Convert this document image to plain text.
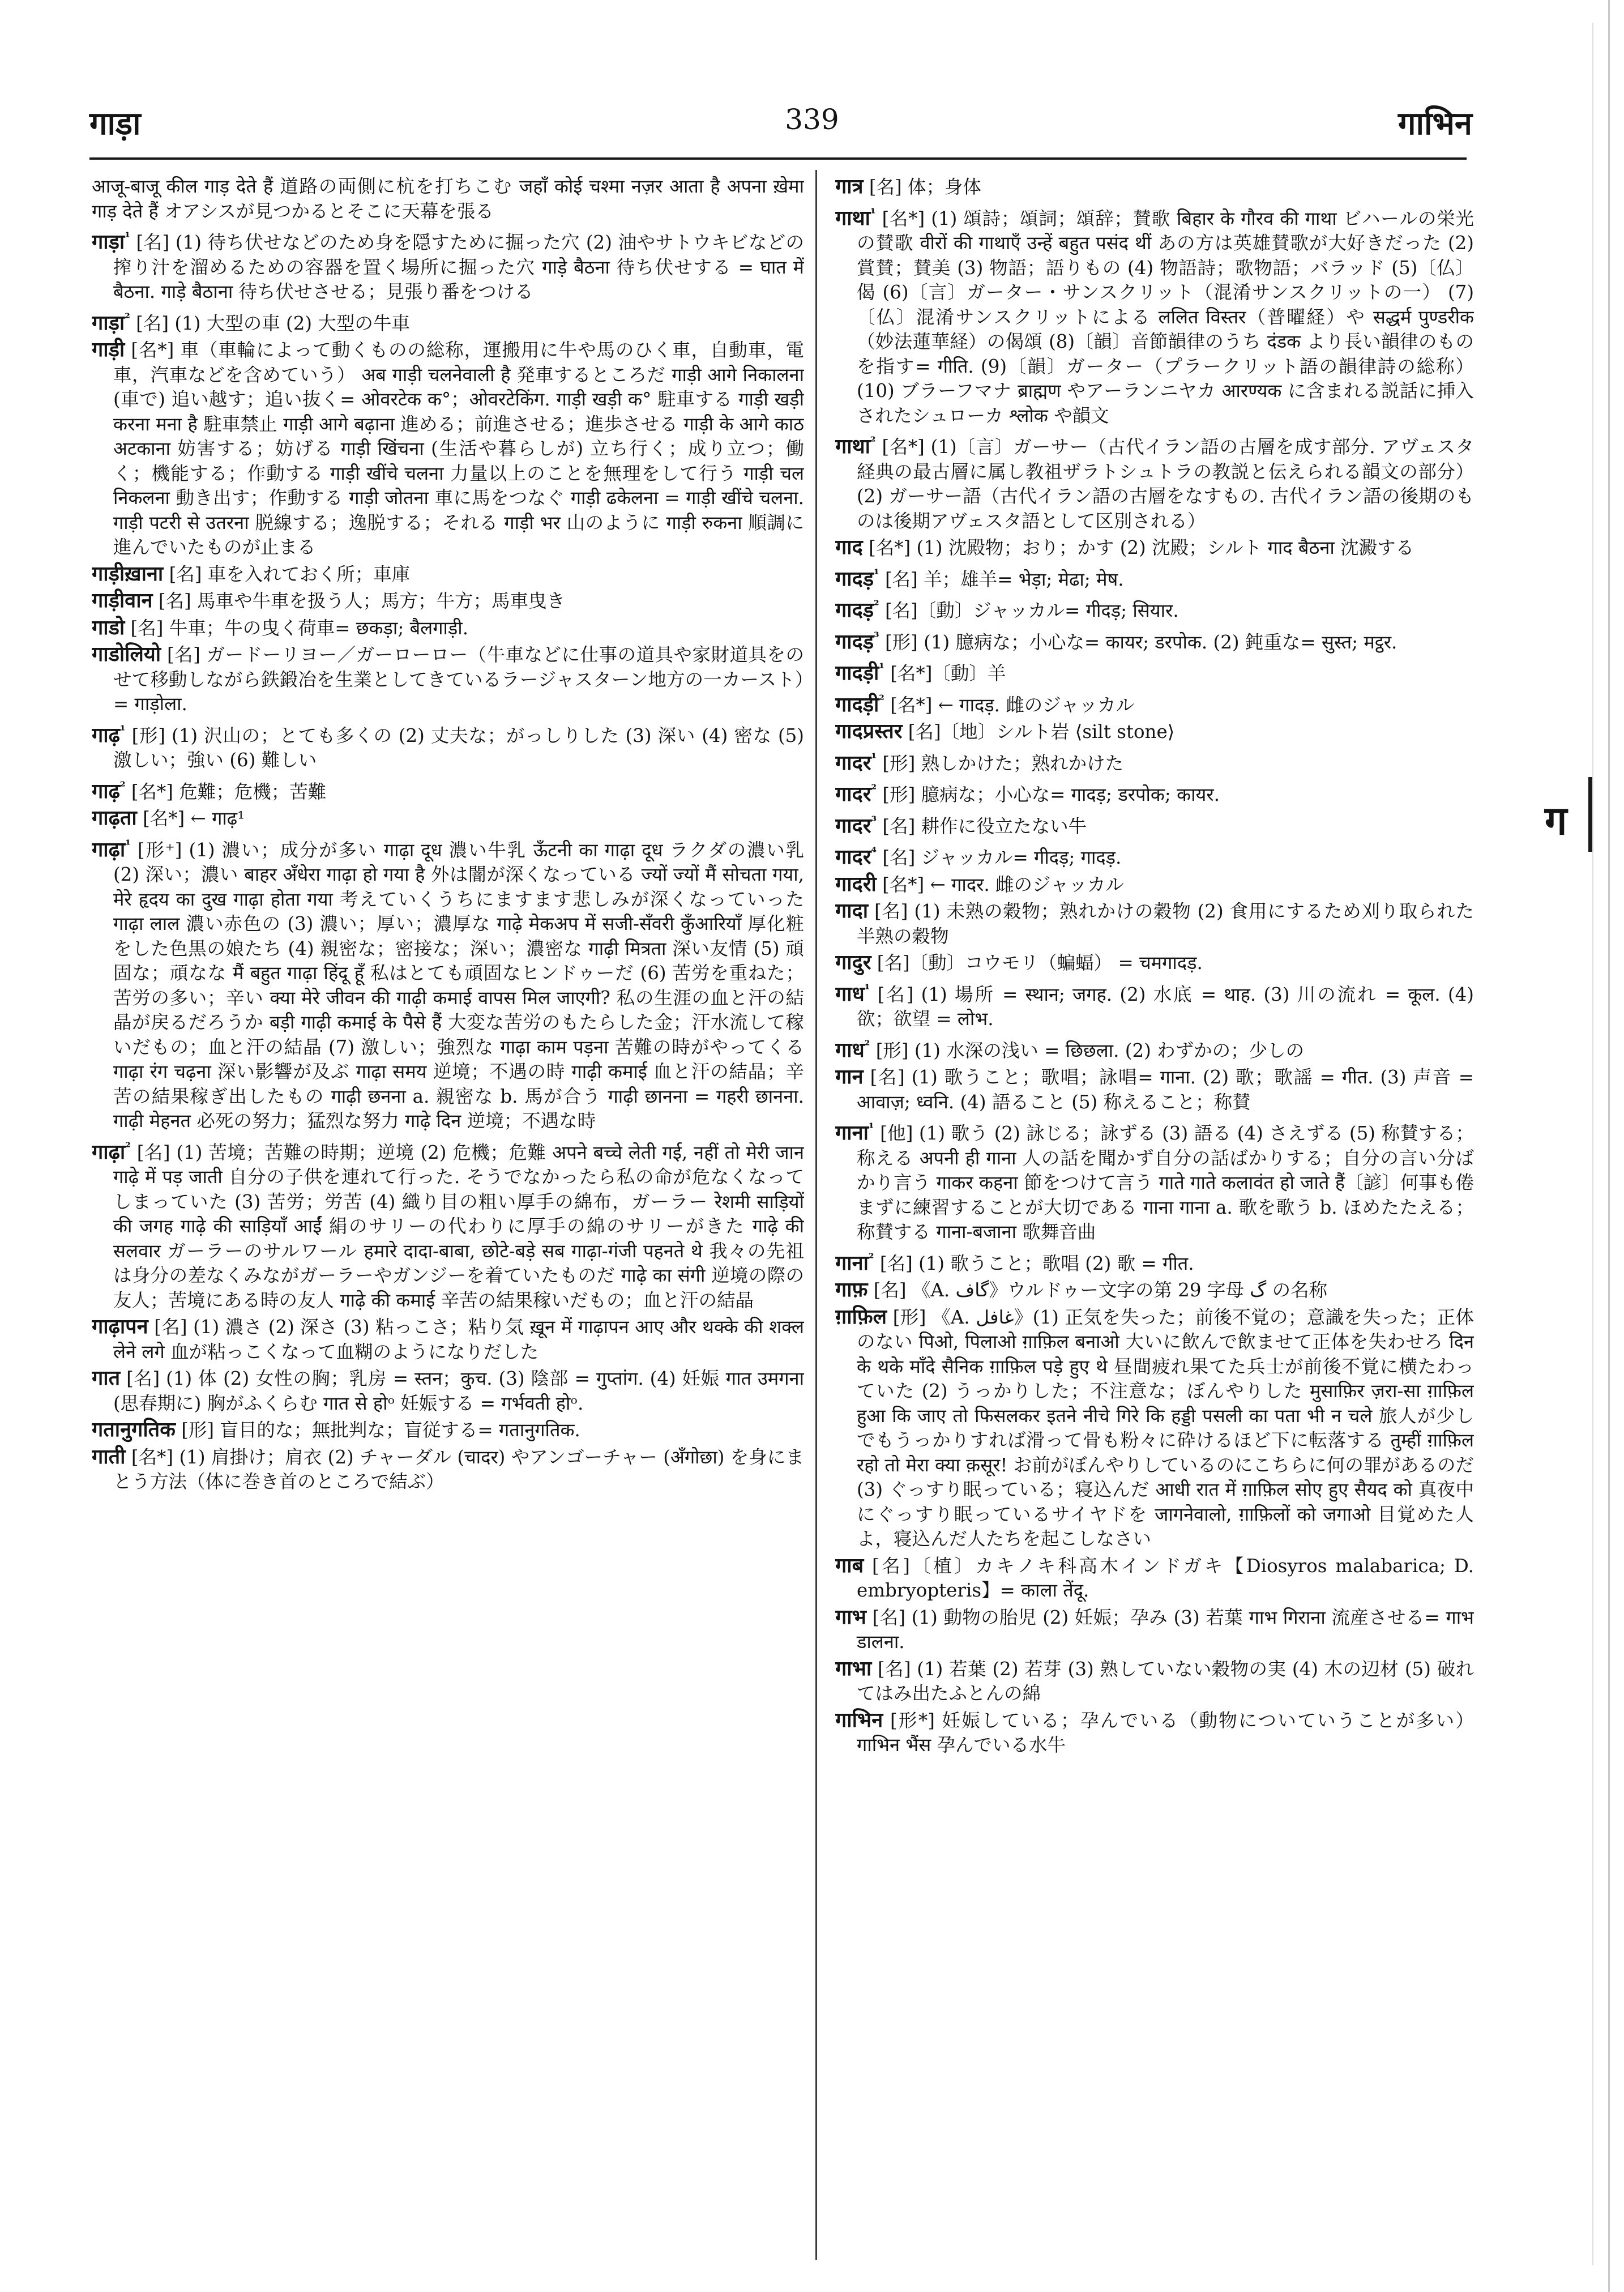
गाड़ा	339	गाभिन

आजू-बाजू कील गाड़ देते हैं 道路の両側に杭を打ちこむ जहाँ कोई चश्मा नज़र आता है अपना ख़ेमा गाड़ देते हैं オアシスが見つかるとそこに天幕を張る

गाड़ा$^{^1}$ [名] (1) 待ち伏せなどのため身を隠すために掘った穴 (2) 油やサトウキビなどの搾り汁を溜めるための容器を置く場所に掘った穴 गाड़े बैठना 待ち伏せする = घात में बैठना. गाड़े बैठाना 待ち伏せさせる；見張り番をつける

गाड़ा$^{^2}$ [名] (1) 大型の車 (2) 大型の牛車

गाड़ी [名*] 車（車輪によって動くものの総称，運搬用に牛や馬のひく車，自動車，電車，汽車などを含めていう） अब गाड़ी चलनेवाली है 発車するところだ गाड़ी आगे निकालना (車で) 追い越す；追い抜く= ओवरटेक क°；ओवरटेकिंग. गाड़ी खड़ी क° 駐車する गाड़ी खड़ी करना मना है 駐車禁止 गाड़ी आगे बढ़ाना 進める；前進させる；進歩させる गाड़ी के आगे काठ अटकाना 妨害する；妨げる गाड़ी खिंचना (生活や暮らしが) 立ち行く；成り立つ；働く；機能する；作動する गाड़ी खींचे चलना 力量以上のことを無理をして行う गाड़ी चल निकलना 動き出す；作動する गाड़ी जोतना 車に馬をつなぐ गाड़ी ढकेलना = गाड़ी खींचे चलना. गाड़ी पटरी से उतरना 脱線する；逸脱する；それる गाड़ी भर 山のように गाड़ी रुकना 順調に進んでいたものが止まる

गाड़ीख़ाना [名] 車を入れておく所；車庫

गाड़ीवान [名] 馬車や牛車を扱う人；馬方；牛方；馬車曳き

गाडो [名] 牛車；牛の曳く荷車= छकड़ा; बैलगाड़ी.

गाडोलियो [名] ガードーリヨー／ガーローロー（牛車などに仕事の道具や家財道具をのせて移動しながら鉄鍛冶を生業としてきているラージャスターン地方の一カースト）= गाड़ोला.

गाढ़$^{^1}$ [形] (1) 沢山の；とても多くの (2) 丈夫な；がっしりした (3) 深い (4) 密な (5) 激しい；強い (6) 難しい

गाढ़$^{^2}$ [名*] 危難；危機；苦難

गाढ़ता [名*] ← गाढ़¹

गाढ़ा$^{^1}$ [形⁺] (1) 濃い；成分が多い गाढ़ा दूध 濃い牛乳 ऊँटनी का गाढ़ा दूध ラクダの濃い乳 (2) 深い；濃い बाहर अँधेरा गाढ़ा हो गया है 外は闇が深くなっている ज्यों ज्यों मैं सोचता गया, मेरे हृदय का दुख गाढ़ा होता गया 考えていくうちにますます悲しみが深くなっていった गाढ़ा लाल 濃い赤色の (3) 濃い；厚い；濃厚な गाढ़े मेकअप में सजी-सँवरी कुँआरियाँ 厚化粧をした色黒の娘たち (4) 親密な；密接な；深い；濃密な गाढ़ी मित्रता 深い友情 (5) 頑固な；頑なな मैं बहुत गाढ़ा हिंदू हूँ 私はとても頑固なヒンドゥーだ (6) 苦労を重ねた；苦労の多い；辛い क्या मेरे जीवन की गाढ़ी कमाई वापस मिल जाएगी? 私の生涯の血と汗の結晶が戻るだろうか बड़ी गाढ़ी कमाई के पैसे हैं 大変な苦労のもたらした金；汗水流して稼いだもの；血と汗の結晶 (7) 激しい；強烈な गाढ़ा काम पड़ना 苦難の時がやってくる गाढ़ा रंग चढ़ना 深い影響が及ぶ गाढ़ा समय 逆境；不遇の時 गाढ़ी कमाई 血と汗の結晶；辛苦の結果稼ぎ出したもの गाढ़ी छनना a. 親密な b. 馬が合う गाढ़ी छानना = गहरी छानना. गाढ़ी मेहनत 必死の努力；猛烈な努力 गाढ़े दिन 逆境；不遇な時

गाढ़ा$^{^2}$ [名] (1) 苦境；苦難の時期；逆境 (2) 危機；危難 अपने बच्चे लेती गई, नहीं तो मेरी जान गाढ़े में पड़ जाती 自分の子供を連れて行った. そうでなかったら私の命が危なくなってしまっていた (3) 苦労；労苦 (4) 織り目の粗い厚手の綿布，ガーラー रेशमी साड़ियों की जगह गाढ़े की साड़ियाँ आईं 絹のサリーの代わりに厚手の綿のサリーがきた गाढ़े की सलवार ガーラーのサルワール हमारे दादा-बाबा, छोटे-बड़े सब गाढ़ा-गंजी पहनते थे 我々の先祖は身分の差なくみながガーラーやガンジーを着ていたものだ गाढ़े का संगी 逆境の際の友人；苦境にある時の友人 गाढ़े की कमाई 辛苦の結果稼いだもの；血と汗の結晶

गाढ़ापन [名] (1) 濃さ (2) 深さ (3) 粘っこさ；粘り気 ख़ून में गाढ़ापन आए और थक्के की शक्ल लेने लगे 血が粘っこくなって血糊のようになりだした

गात [名] (1) 体 (2) 女性の胸；乳房 = स्तन；कुच. (3) 陰部 = गुप्तांग. (4) 妊娠 गात उमगना (思春期に) 胸がふくらむ गात से होᵒ 妊娠する = गर्भवती होᵒ.

गतानुगतिक [形] 盲目的な；無批判な；盲従する= गतानुगतिक.

गाती [名*] (1) 肩掛け；肩衣 (2) チャーダル (चादर) やアンゴーチャー (अँगोछा) を身にまとう方法（体に巻き首のところで結ぶ）

गात्र [名] 体；身体

गाथा$^{^1}$ [名*] (1) 頌詩；頌詞；頌辞；賛歌 बिहार के गौरव की गाथा ビハールの栄光の賛歌 वीरों की गाथाएँ उन्हें बहुत पसंद थीं あの方は英雄賛歌が大好きだった (2) 賞賛；賛美 (3) 物語；語りもの (4) 物語詩；歌物語；バラッド (5)〔仏〕偈 (6)〔言〕ガーター・サンスクリット（混淆サンスクリットの一） (7)〔仏〕混淆サンスクリットによる ललित विस्तर（普曜経）や सद्धर्म पुण्डरीक（妙法蓮華経）の偈頌 (8)〔韻〕音節韻律のうち दंडक より長い韻律のものを指す= गीति. (9)〔韻〕ガーター（プラークリット語の韻律詩の総称） (10) ブラーフマナ ब्राह्मण やアーランニヤカ आरण्यक に含まれる説話に挿入されたシュローカ श्लोक や韻文

गाथा$^{^2}$ [名*] (1)〔言〕ガーサー（古代イラン語の古層を成す部分. アヴェスタ経典の最古層に属し教祖ザラトシュトラの教説と伝えられる韻文の部分） (2) ガーサー語（古代イラン語の古層をなすもの. 古代イラン語の後期のものは後期アヴェスタ語として区別される）

गाद [名*] (1) 沈殿物；おり；かす (2) 沈殿；シルト गाद बैठना 沈澱する

गादड़$^{^1}$ [名] 羊；雄羊= भेड़ा; मेढा; मेष.

गादड़$^{^2}$ [名]〔動〕ジャッカル= गीदड़; सियार.

गादड़$^{^3}$ [形] (1) 臆病な；小心な= कायर; डरपोक. (2) 鈍重な= सुस्त; मट्ठर.

गादड़ी$^{^1}$ [名*]〔動〕羊

गादड़ी$^{^2}$ [名*] ← गादड़. 雌のジャッカル

गादप्रस्तर [名]〔地〕シルト岩 ⟨silt stone⟩

गादर$^{^1}$ [形] 熟しかけた；熟れかけた

गादर$^{^2}$ [形] 臆病な；小心な= गादड़; डरपोक; कायर.

गादर$^{^3}$ [名] 耕作に役立たない牛

गादर$^{^4}$ [名] ジャッカル= गीदड़; गादड़.

गादरी [名*] ← गादर. 雌のジャッカル

गादा [名] (1) 未熟の穀物；熟れかけの穀物 (2) 食用にするため刈り取られた半熟の穀物

गादुर [名]〔動〕コウモリ（蝙蝠） = चमगादड़.

गाध$^{^1}$ [名] (1) 場所 = स्थान; जगह. (2) 水底 = थाह. (3) 川の流れ = कूल. (4) 欲；欲望 = लोभ.

गाध$^{^2}$ [形] (1) 水深の浅い = छिछला. (2) わずかの；少しの

गान [名] (1) 歌うこと；歌唱；詠唱= गाना. (2) 歌；歌謡 = गीत. (3) 声音 = आवाज़; ध्वनि. (4) 語ること (5) 称えること；称賛

गाना$^{^1}$ [他] (1) 歌う (2) 詠じる；詠ずる (3) 語る (4) さえずる (5) 称賛する；称える अपनी ही गाना 人の話を聞かず自分の話ばかりする；自分の言い分ばかり言う गाकर कहना 節をつけて言う गाते गाते कलावंत हो जाते हैं〔諺〕何事も倦まずに練習することが大切である गाना गाना a. 歌を歌う b. ほめたたえる；称賛する गाना-बजाना 歌舞音曲

गाना$^{^2}$ [名] (1) 歌うこと；歌唱 (2) 歌 = गीत.

गाफ़ [名] 《A. گاف》ウルドゥー文字の第 29 字母 گ の名称

ग़ाफ़िल [形] 《A. غافل》(1) 正気を失った；前後不覚の；意識を失った；正体のない पिओ, पिलाओ ग़ाफ़िल बनाओ 大いに飲んで飲ませて正体を失わせろ दिन के थके माँदे सैनिक ग़ाफ़िल पड़े हुए थे 昼間疲れ果てた兵士が前後不覚に横たわっていた (2) うっかりした；不注意な；ぼんやりした मुसाफ़िर ज़रा-सा ग़ाफ़िल हुआ कि जाए तो फिसलकर इतने नीचे गिरे कि हड्डी पसली का पता भी न चले 旅人が少しでもうっかりすれば滑って骨も粉々に砕けるほど下に転落する तुम्हीं ग़ाफ़िल रहो तो मेरा क्या क़सूर! お前がぼんやりしているのにこちらに何の罪があるのだ (3) ぐっすり眠っている；寝込んだ आधी रात में ग़ाफ़िल सोए हुए सैयद को 真夜中にぐっすり眠っているサイヤドを जागनेवालो, ग़ाफ़िलों को जगाओ 目覚めた人よ，寝込んだ人たちを起こしなさい

गाब [名]〔植〕カキノキ科高木インドガキ【Diosyros malabarica; D. embryopteris】= काला तेंदू.

गाभ [名] (1) 動物の胎児 (2) 妊娠；孕み (3) 若葉 गाभ गिराना 流産させる= गाभ डालना.

गाभा [名] (1) 若葉 (2) 若芽 (3) 熟していない穀物の実 (4) 木の辺材 (5) 破れてはみ出たふとんの綿

गाभिन [形*] 妊娠している；孕んでいる（動物についていうことが多い） गाभिन भैंस 孕んでいる水牛

ग
